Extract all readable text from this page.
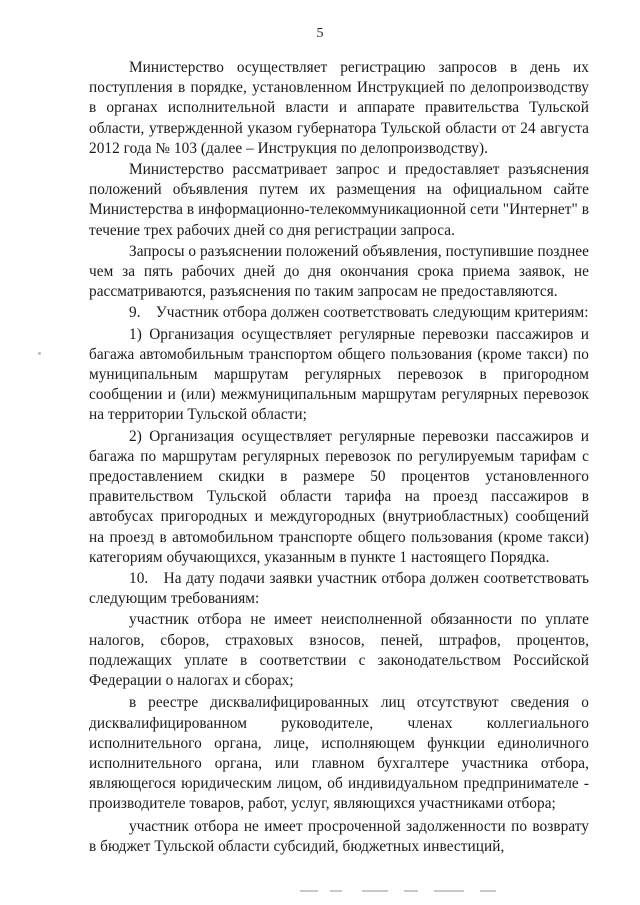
5

Министерство осуществляет регистрацию запросов в день их поступления в порядке, установленном Инструкцией по делопроизводству в органах исполнительной власти и аппарате правительства Тульской области, утвержденной указом губернатора Тульской области от 24 августа 2012 года № 103 (далее – Инструкция по делопроизводству).

Министерство рассматривает запрос и предоставляет разъяснения положений объявления путем их размещения на официальном сайте Министерства в информационно-телекоммуникационной сети "Интернет" в течение трех рабочих дней со дня регистрации запроса.

Запросы о разъяснении положений объявления, поступившие позднее чем за пять рабочих дней до дня окончания срока приема заявок, не рассматриваются, разъяснения по таким запросам не предоставляются.

9. Участник отбора должен соответствовать следующим критериям:

1) Организация осуществляет регулярные перевозки пассажиров и багажа автомобильным транспортом общего пользования (кроме такси) по муниципальным маршрутам регулярных перевозок в пригородном сообщении и (или) межмуниципальным маршрутам регулярных перевозок на территории Тульской области;

2) Организация осуществляет регулярные перевозки пассажиров и багажа по маршрутам регулярных перевозок по регулируемым тарифам с предоставлением скидки в размере 50 процентов установленного правительством Тульской области тарифа на проезд пассажиров в автобусах пригородных и междугородных (внутриобластных) сообщений на проезд в автомобильном транспорте общего пользования (кроме такси) категориям обучающихся, указанным в пункте 1 настоящего Порядка.

10. На дату подачи заявки участник отбора должен соответствовать следующим требованиям:

участник отбора не имеет неисполненной обязанности по уплате налогов, сборов, страховых взносов, пеней, штрафов, процентов, подлежащих уплате в соответствии с законодательством Российской Федерации о налогах и сборах;

в реестре дисквалифицированных лиц отсутствуют сведения о дисквалифицированном руководителе, членах коллегиального исполнительного органа, лице, исполняющем функции единоличного исполнительного органа, или главном бухгалтере участника отбора, являющегося юридическим лицом, об индивидуальном предпринимателе - производителе товаров, работ, услуг, являющихся участниками отбора;

участник отбора не имеет просроченной задолженности по возврату в бюджет Тульской области субсидий, бюджетных инвестиций,
